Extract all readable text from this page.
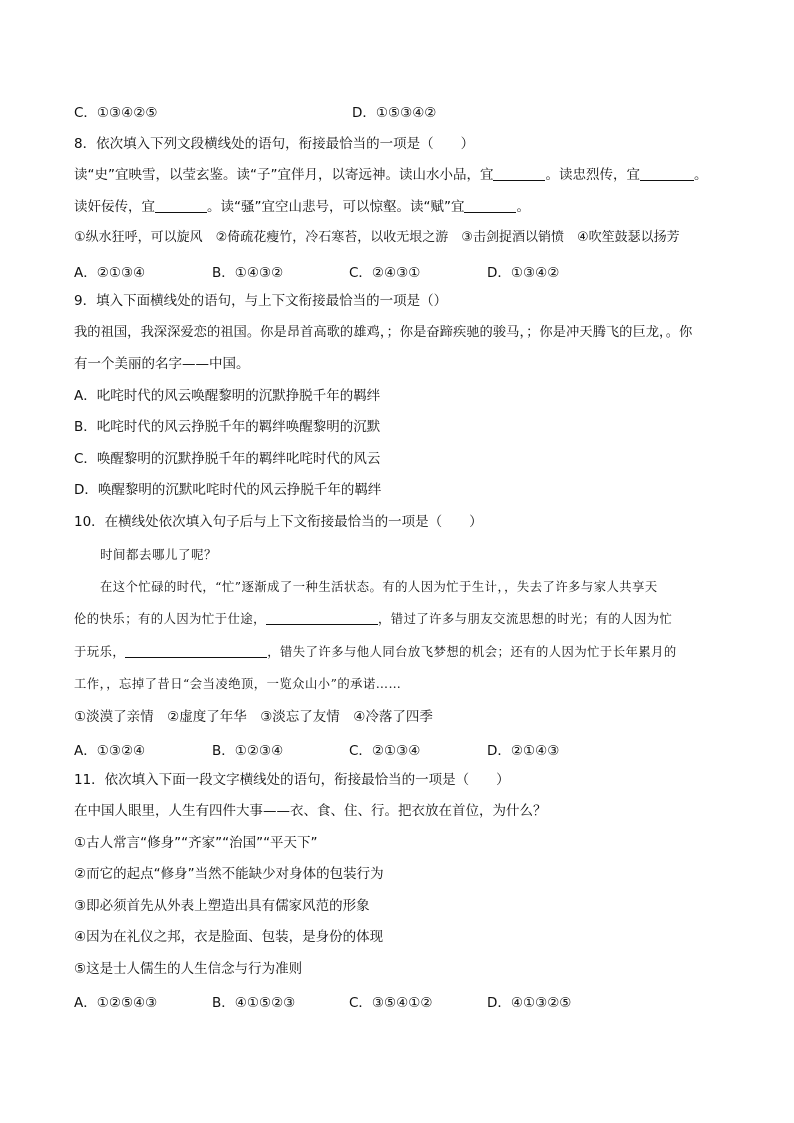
C．①③④②⑤	D．①⑤③④②
8．依次填入下列文段横线处的语句，衔接最恰当的一项是（　　）
读“史”宜映雪，以莹玄鉴。读“子”宜伴月，以寄远神。读山水小品，宜	。读忠烈传，宜	。
读奸佞传，宜	。读“骚”宜空山悲号，可以惊壑。读“赋”宜	。
①纵水狂呼，可以旋风　②倚疏花瘦竹，冷石寒苔，以收无垠之游　③击剑捉酒以销愤　④吹笙鼓瑟以扬芳
A．②①③④	B．①④③②	C．②④③①	D．①③④②
9．填入下面横线处的语句，与上下文衔接最恰当的一项是（）
我的祖国，我深深爱恋的祖国。你是昂首高歌的雄鸡，；你是奋蹄疾驰的骏马，；你是冲天腾飞的巨龙，。你
有一个美丽的名字——中国。
A．叱咤时代的风云唤醒黎明的沉默挣脱千年的羁绊
B．叱咤时代的风云挣脱千年的羁绊唤醒黎明的沉默
C．唤醒黎明的沉默挣脱千年的羁绊叱咤时代的风云
D．唤醒黎明的沉默叱咤时代的风云挣脱千年的羁绊
10．在横线处依次填入句子后与上下文衔接最恰当的一项是（　　）
时间都去哪儿了呢？
在这个忙碌的时代，“忙”逐渐成了一种生活状态。有的人因为忙于生计，，失去了许多与家人共享天
伦的快乐；有的人因为忙于仕途，	，错过了许多与朋友交流思想的时光；有的人因为忙
于玩乐，	，错失了许多与他人同台放飞梦想的机会；还有的人因为忙于长年累月的
工作，，忘掉了昔日“会当凌绝顶，一览众山小”的承诺……
①淡漠了亲情　②虚度了年华　③淡忘了友情　④冷落了四季
A．①③②④	B．①②③④	C．②①③④	D．②①④③
11．依次填入下面一段文字横线处的语句，衔接最恰当的一项是（　　）
在中国人眼里，人生有四件大事——衣、食、住、行。把衣放在首位，为什么？
①古人常言“修身”“齐家”“治国”“平天下”
②而它的起点“修身”当然不能缺少对身体的包装行为
③即必须首先从外表上塑造出具有儒家风范的形象
④因为在礼仪之邦，衣是脸面、包装，是身份的体现
⑤这是士人儒生的人生信念与行为准则
A．①②⑤④③	B．④①⑤②③	C．③⑤④①②	D．④①③②⑤
